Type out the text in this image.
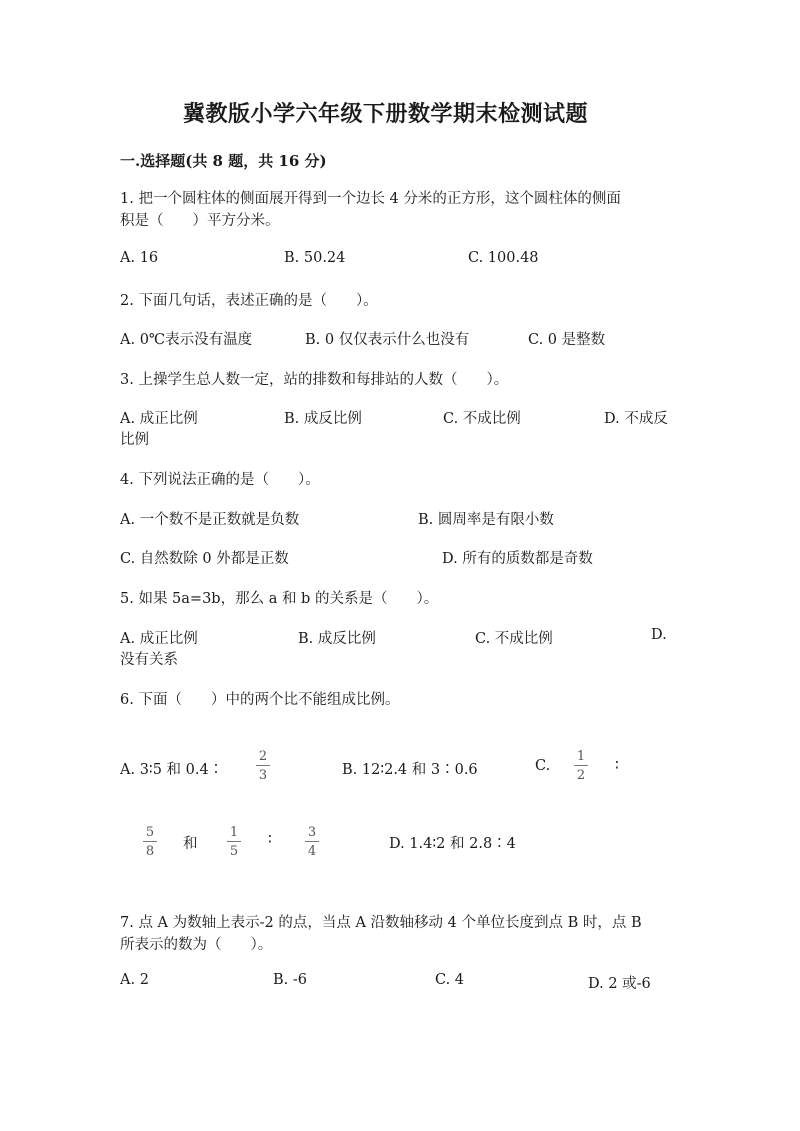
冀教版小学六年级下册数学期末检测试题
一.选择题(共 8 题，共 16 分)
1. 把一个圆柱体的侧面展开得到一个边长 4 分米的正方形，这个圆柱体的侧面
积是（　　）平方分米。
A. 16	B. 50.24	C. 100.48
2. 下面几句话，表述正确的是（　　）。
A. 0℃表示没有温度	B. 0 仅仅表示什么也没有	C. 0 是整数
3. 上操学生总人数一定，站的排数和每排站的人数（　　）。
A. 成正比例	B. 成反比例	C. 不成比例	D. 不成反
比例
4. 下列说法正确的是（　　）。
A. 一个数不是正数就是负数	B. 圆周率是有限小数
C. 自然数除 0 外都是正数	D. 所有的质数都是奇数
5. 如果 5a=3b，那么 a 和 b 的关系是（　　）。
A. 成正比例	B. 成反比例	C. 不成比例	D.
没有关系
6. 下面（　　）中的两个比不能组成比例。
A. 3∶5 和 0.4∶
2
3	B. 12∶2.4 和 3∶0.6	C.
1
2
∶
5
8 和
1
5
∶	3
4	D. 1.4∶2 和 2.8∶4
7. 点 A 为数轴上表示-2 的点，当点 A 沿数轴移动 4 个单位长度到点 B 时，点 B
所表示的数为（　　）。
A. 2	B. -6	C. 4	D. 2 或-6
